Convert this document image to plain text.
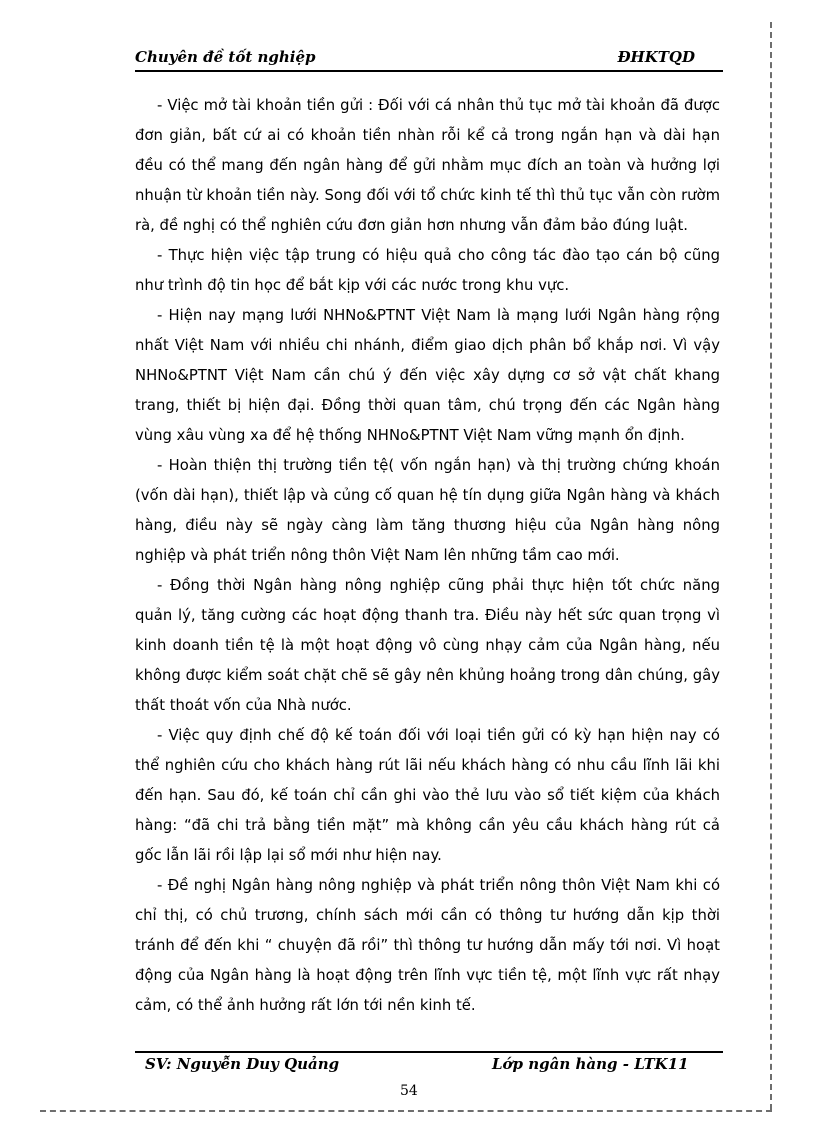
Chuyên đề tốt nghiệp	ĐHKTQD

- Việc mở tài khoản tiền gửi : Đối với cá nhân thủ tục mở tài khoản đã được đơn giản, bất cứ ai có khoản tiền nhàn rỗi kể cả trong ngắn hạn và dài hạn đều có thể mang đến ngân hàng để gửi nhằm mục đích an toàn và hưởng lợi nhuận từ khoản tiền này. Song đối với tổ chức kinh tế thì thủ tục vẫn còn rườm rà, đề nghị có thể nghiên cứu đơn giản hơn nhưng vẫn đảm bảo đúng luật.

- Thực hiện việc tập trung có hiệu quả cho công tác đào tạo cán bộ cũng như trình độ tin học để bắt kịp với các nước trong khu vực.

- Hiện nay mạng lưới NHNo&PTNT Việt Nam là mạng lưới Ngân hàng rộng nhất Việt Nam với nhiều chi nhánh, điểm giao dịch phân bổ khắp nơi. Vì vậy NHNo&PTNT Việt Nam cần chú ý đến việc xây dựng cơ sở vật chất khang trang, thiết bị hiện đại. Đồng thời quan tâm, chú trọng đến các Ngân hàng vùng xâu vùng xa để hệ thống NHNo&PTNT Việt Nam vững mạnh ổn định.

- Hoàn thiện thị trường tiền tệ( vốn ngắn hạn) và thị trường chứng khoán (vốn dài hạn), thiết lập và củng cố quan hệ tín dụng giữa Ngân hàng và khách hàng, điều này sẽ ngày càng làm tăng thương hiệu của Ngân hàng nông nghiệp và phát triển nông thôn Việt Nam lên những tầm cao mới.

- Đồng thời Ngân hàng nông nghiệp cũng phải thực hiện tốt chức năng quản lý, tăng cường các hoạt động thanh tra. Điều này hết sức quan trọng vì kinh doanh tiền tệ là một hoạt động vô cùng nhạy cảm của Ngân hàng, nếu không được kiểm soát chặt chẽ sẽ gây nên khủng hoảng trong dân chúng, gây thất thoát vốn của Nhà nước.

- Việc quy định chế độ kế toán đối với loại tiền gửi có kỳ hạn hiện nay có thể nghiên cứu cho khách hàng rút lãi nếu khách hàng có nhu cầu lĩnh lãi khi đến hạn. Sau đó, kế toán chỉ cần ghi vào thẻ lưu vào sổ tiết kiệm của khách hàng: “đã chi trả bằng tiền mặt” mà không cần yêu cầu khách hàng rút cả gốc lẫn lãi rồi lập lại sổ mới như hiện nay.

- Đề nghị Ngân hàng nông nghiệp và phát triển nông thôn Việt Nam khi có chỉ thị, có chủ trương, chính sách mới cần có thông tư hướng dẫn kịp thời tránh để đến khi “ chuyện đã rồi” thì thông tư hướng dẫn mấy tới nơi. Vì hoạt động của Ngân hàng là hoạt động trên lĩnh vực tiền tệ, một lĩnh vực rất nhạy cảm, có thể ảnh hưởng rất lớn tới nền kinh tế.

SV: Nguyễn Duy Quảng	Lớp ngân hàng - LTK11
54
